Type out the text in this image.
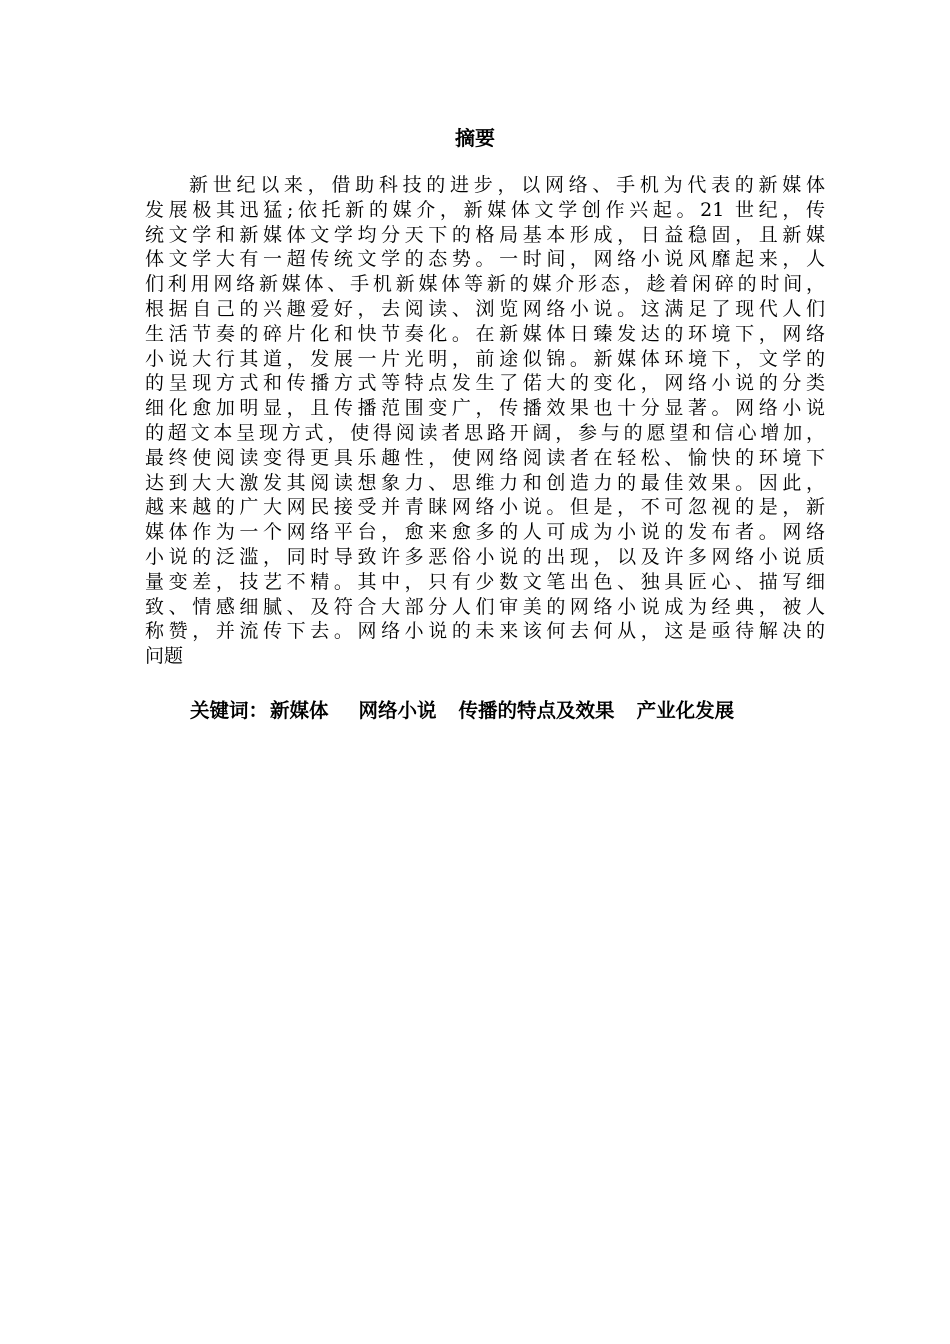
摘要
新世纪以来，借助科技的进步，以网络、手机为代表的新媒体
发展极其迅猛;依托新的媒介，新媒体文学创作兴起。21 世纪，传
统文学和新媒体文学均分天下的格局基本形成，日益稳固，且新媒
体文学大有一超传统文学的态势。一时间，网络小说风靡起来，人
们利用网络新媒体、手机新媒体等新的媒介形态，趁着闲碎的时间，
根据自己的兴趣爱好，去阅读、浏览网络小说。这满足了现代人们
生活节奏的碎片化和快节奏化。在新媒体日臻发达的环境下，网络
小说大行其道，发展一片光明，前途似锦。新媒体环境下，文学的
的呈现方式和传播方式等特点发生了偌大的变化，网络小说的分类
细化愈加明显，且传播范围变广，传播效果也十分显著。网络小说
的超文本呈现方式，使得阅读者思路开阔，参与的愿望和信心增加，
最终使阅读变得更具乐趣性，使网络阅读者在轻松、愉快的环境下
达到大大激发其阅读想象力、思维力和创造力的最佳效果。因此，
越来越的广大网民接受并青睐网络小说。但是，不可忽视的是，新
媒体作为一个网络平台，愈来愈多的人可成为小说的发布者。网络
小说的泛滥，同时导致许多恶俗小说的出现，以及许多网络小说质
量变差，技艺不精。其中，只有少数文笔出色、独具匠心、描写细
致、情感细腻、及符合大部分人们审美的网络小说成为经典，被人
称赞，并流传下去。网络小说的未来该何去何从，这是亟待解决的
问题
关键词： 新媒体 网络小说 传播的特点及效果 产业化发展
